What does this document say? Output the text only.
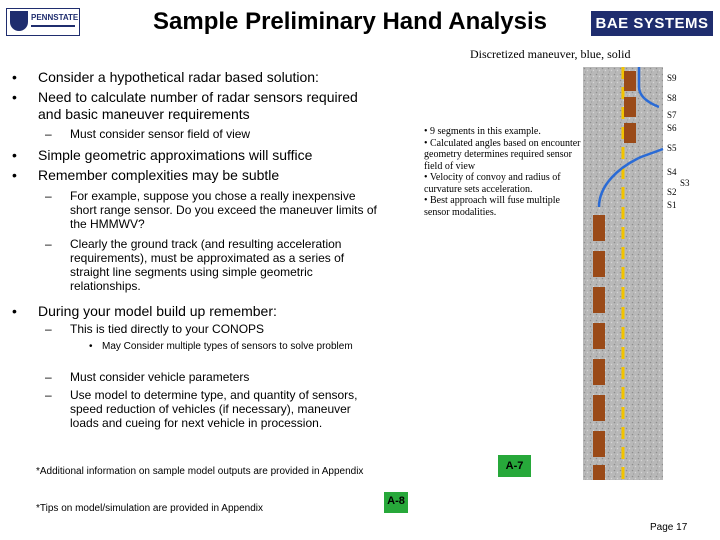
PENNSTATE	Sample Preliminary Hand Analysis	BAE SYSTEMS
Discretized maneuver, blue, solid
• Consider a hypothetical radar based solution:
• Need to calculate number of radar sensors required and basic maneuver requirements
– Must consider sensor field of view
• Simple geometric approximations will suffice
• Remember complexities may be subtle
– For example, suppose you chose a really inexpensive short range sensor. Do you exceed the maneuver limits of the HMMWV?
– Clearly the ground track (and resulting acceleration requirements), must be approximated as a series of straight line segments using simple geometric relationships.
• During your model build up remember:
– This is tied directly to your CONOPS
• May Consider multiple types of sensors to solve problem
– Must consider vehicle parameters
– Use model to determine type, and quantity of sensors, speed reduction of vehicles (if necessary), maneuver loads and cueing for next vehicle in procession.
• 9 segments in this example.
• Calculated angles based on encounter geometry determines required sensor field of view
• Velocity of convoy and radius of curvature sets acceleration.
• Best approach will fuse multiple sensor modalities.
S9
S8
S7
S6
S5
S4
S3
S2
S1
*Additional information on sample model outputs are provided in Appendix	A-7
*Tips on model/simulation are provided in Appendix
A-8
Page 17
